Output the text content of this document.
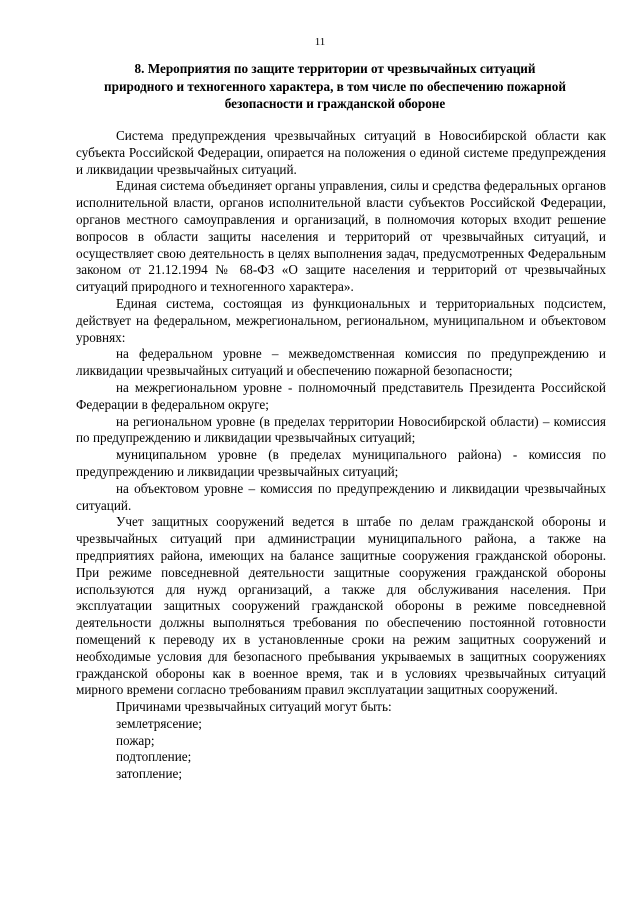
11
8. Мероприятия по защите территории от чрезвычайных ситуаций
природного и техногенного характера, в том числе по обеспечению пожарной
безопасности и гражданской обороне

Система предупреждения чрезвычайных ситуаций в Новосибирской области как субъекта Российской Федерации, опирается на положения о единой системе предупреждения и ликвидации чрезвычайных ситуаций.

Единая система объединяет органы управления, силы и средства федеральных органов исполнительной власти, органов исполнительной власти субъектов Российской Федерации, органов местного самоуправления и организаций, в полномочия которых входит решение вопросов в области защиты населения и территорий от чрезвычайных ситуаций, и осуществляет свою деятельность в целях выполнения задач, предусмотренных Федеральным законом от 21.12.1994 № 68-ФЗ «О защите населения и территорий от чрезвычайных ситуаций природного и техногенного характера».

Единая система, состоящая из функциональных и территориальных подсистем, действует на федеральном, межрегиональном, региональном, муниципальном и объектовом уровнях:

на федеральном уровне – межведомственная комиссия по предупреждению и ликвидации чрезвычайных ситуаций и обеспечению пожарной безопасности;

на межрегиональном уровне - полномочный представитель Президента Российской Федерации в федеральном округе;

на региональном уровне (в пределах территории Новосибирской области) – комиссия по предупреждению и ликвидации чрезвычайных ситуаций;

муниципальном уровне (в пределах муниципального района) - комиссия по предупреждению и ликвидации чрезвычайных ситуаций;

на объектовом уровне – комиссия по предупреждению и ликвидации чрезвычайных ситуаций.

Учет защитных сооружений ведется в штабе по делам гражданской обороны и чрезвычайных ситуаций при администрации муниципального района, а также на предприятиях района, имеющих на балансе защитные сооружения гражданской обороны. При режиме повседневной деятельности защитные сооружения гражданской обороны используются для нужд организаций, а также для обслуживания населения. При эксплуатации защитных сооружений гражданской обороны в режиме повседневной деятельности должны выполняться требования по обеспечению постоянной готовности помещений к переводу их в установленные сроки на режим защитных сооружений и необходимые условия для безопасного пребывания укрываемых в защитных сооружениях гражданской обороны как в военное время, так и в условиях чрезвычайных ситуаций мирного времени согласно требованиям правил эксплуатации защитных сооружений.

Причинами чрезвычайных ситуаций могут быть:

землетрясение;

пожар;

подтопление;

затопление;
